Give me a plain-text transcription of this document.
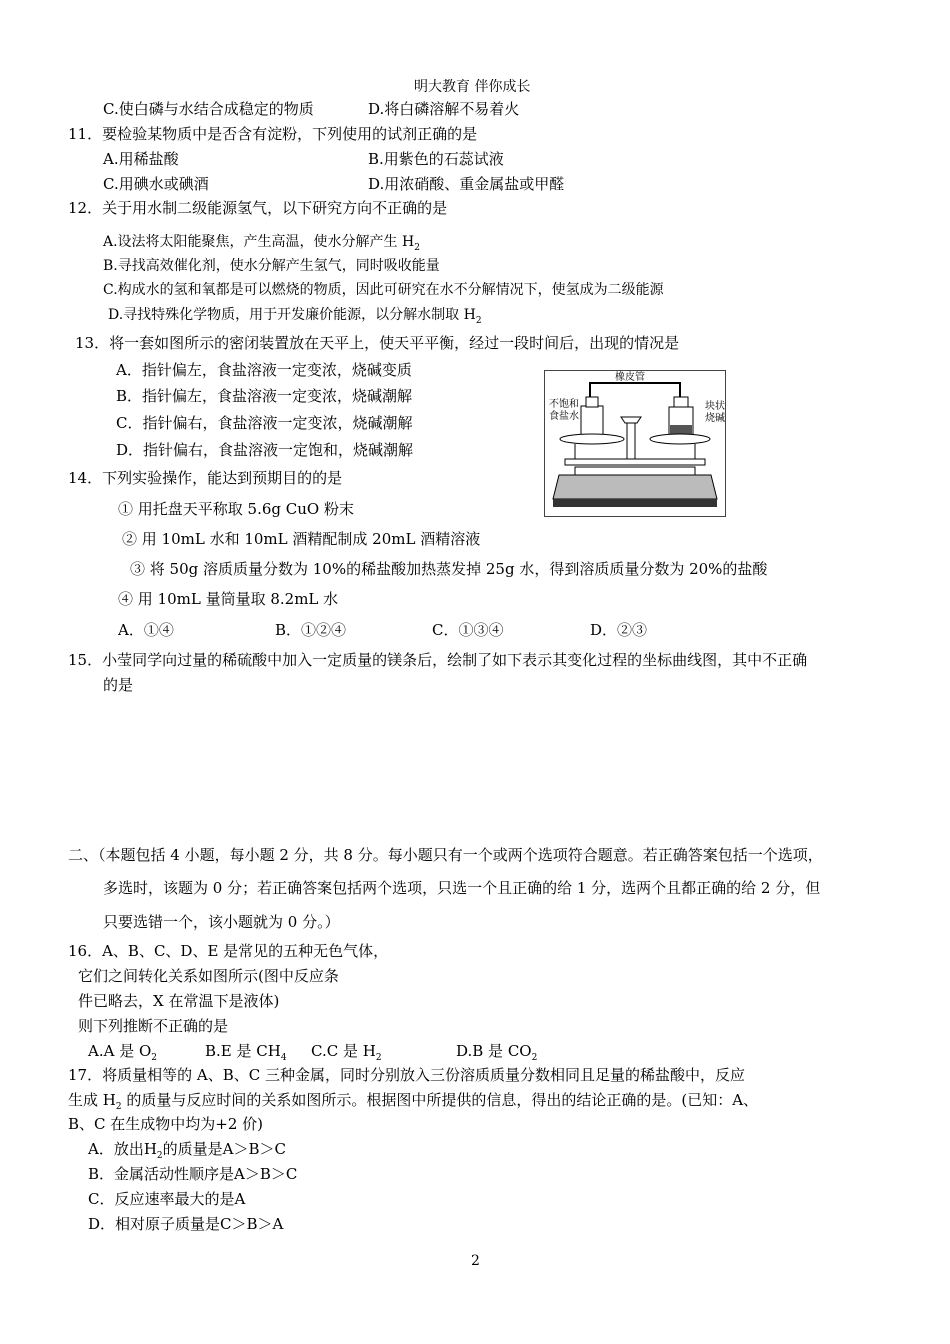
明大教育 伴你成长
C.使白磷与水结合成稳定的物质	D.将白磷溶解不易着火
11．要检验某物质中是否含有淀粉，下列使用的试剂正确的是
A.用稀盐酸	B.用紫色的石蕊试液
C.用碘水或碘酒	D.用浓硝酸、重金属盐或甲醛
12．关于用水制二级能源氢气，以下研究方向不正确的是
A.设法将太阳能聚焦，产生高温，使水分解产生 $H_2$
B.寻找高效催化剂，使水分解产生氢气，同时吸收能量
C.构成水的氢和氧都是可以燃烧的物质，因此可研究在水不分解情况下，使氢成为二级能源
D.寻找特殊化学物质，用于开发廉价能源，以分解水制取 $H_2$
13．将一套如图所示的密闭装置放在天平上，使天平平衡，经过一段时间后，出现的情况是
A．指针偏左，食盐溶液一定变浓，烧碱变质
B．指针偏左，食盐溶液一定变浓，烧碱潮解
C．指针偏右，食盐溶液一定变浓，烧碱潮解
D．指针偏右，食盐溶液一定饱和，烧碱潮解
橡皮管
不饱和
食盐水
块状
烧碱
14．下列实验操作，能达到预期目的的是
① 用托盘天平称取 5.6g CuO 粉末
② 用 10mL 水和 10mL 酒精配制成 20mL 酒精溶液
③ 将 50g 溶质质量分数为 10%的稀盐酸加热蒸发掉 25g 水，得到溶质质量分数为 20%的盐酸
④ 用 10mL 量筒量取 8.2mL 水
A．①④	B．①②④	C．①③④	D．②③
15．小莹同学向过量的稀硫酸中加入一定质量的镁条后，绘制了如下表示其变化过程的坐标曲线图，其中不正确
的是
二、（本题包括 4 小题，每小题 2 分，共 8 分。每小题只有一个或两个选项符合题意。若正确答案包括一个选项，
多选时，该题为 0 分；若正确答案包括两个选项，只选一个且正确的给 1 分，选两个且都正确的给 2 分，但
只要选错一个，该小题就为 0 分。）
16．A、B、C、D、E 是常见的五种无色气体，
它们之间转化关系如图所示(图中反应条
件已略去，X 在常温下是液体)
则下列推断不正确的是
A.A 是 $O_2$	B.E 是 $CH_4$ C.C 是 $H_2$	D.B 是 $CO_2$
17．将质量相等的 A、B、C 三种金属，同时分别放入三份溶质质量分数相同且足量的稀盐酸中，反应
生成 $H_2$ 的质量与反应时间的关系如图所示。根据图中所提供的信息，得出的结论正确的是。(已知：A、
B、C 在生成物中均为+2 价)
A．放出$H_2$的质量是A＞B＞C
B．金属活动性顺序是A＞B＞C
C．反应速率最大的是A
D．相对原子质量是C＞B＞A
2
